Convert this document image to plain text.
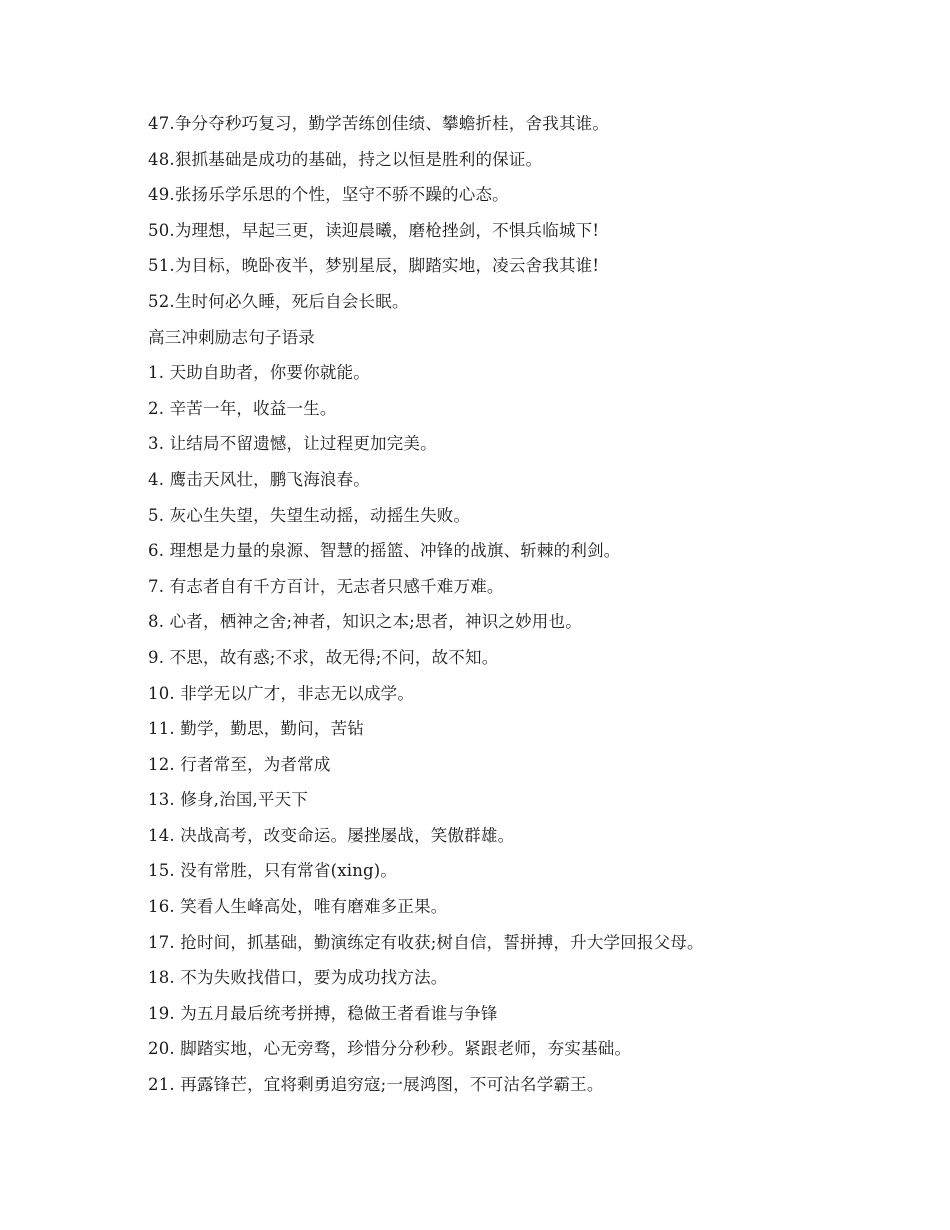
47.争分夺秒巧复习，勤学苦练创佳绩、攀蟾折桂，舍我其谁。
48.狠抓基础是成功的基础，持之以恒是胜利的保证。
49.张扬乐学乐思的个性，坚守不骄不躁的心态。
50.为理想，早起三更，读迎晨曦，磨枪挫剑，不惧兵临城下!
51.为目标，晚卧夜半，梦别星辰，脚踏实地，凌云舍我其谁!
52.生时何必久睡，死后自会长眠。
高三冲刺励志句子语录
1. 天助自助者，你要你就能。
2. 辛苦一年，收益一生。
3. 让结局不留遗憾，让过程更加完美。
4. 鹰击天风壮，鹏飞海浪春。
5. 灰心生失望，失望生动摇，动摇生失败。
6. 理想是力量的泉源、智慧的摇篮、冲锋的战旗、斩棘的利剑。
7. 有志者自有千方百计，无志者只感千难万难。
8. 心者，栖神之舍;神者，知识之本;思者，神识之妙用也。
9. 不思，故有惑;不求，故无得;不问，故不知。
10. 非学无以广才，非志无以成学。
11. 勤学，勤思，勤问，苦钻
12. 行者常至，为者常成
13. 修身,治国,平天下
14. 决战高考，改变命运。屡挫屡战，笑傲群雄。
15. 没有常胜，只有常省(xing)。
16. 笑看人生峰高处，唯有磨难多正果。
17. 抢时间，抓基础，勤演练定有收获;树自信，誓拼搏，升大学回报父母。
18. 不为失败找借口，要为成功找方法。
19. 为五月最后统考拼搏，稳做王者看谁与争锋
20. 脚踏实地，心无旁骛，珍惜分分秒秒。紧跟老师，夯实基础。
21. 再露锋芒，宜将剩勇追穷寇;一展鸿图，不可沽名学霸王。
